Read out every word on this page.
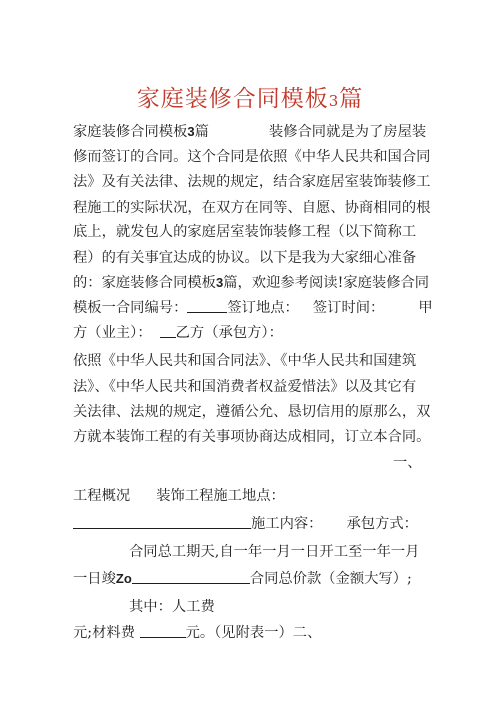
家庭装修合同模板3篇
家庭装修合同模板3篇	装修合同就是为了房屋装
修而签订的合同。这个合同是依照《中华人民共和国合同
法》及有关法律、法规的规定，结合家庭居室装饰装修工
程施工的实际状况，在双方在同等、自愿、协商相同的根
底上，就发包人的家庭居室装饰装修工程（以下简称工
程）的有关事宜达成的协议。以下是我为大家细心准备
的：家庭装修合同模板3篇，欢迎参考阅读!家庭装修合同
模板一合同编号：	签订地点： 签订时间： 甲
方（业主）： 乙方（承包方）：
依照《中华人民共和国合同法》、《中华人民共和国建筑
法》、《中华人民共和国消费者权益爱惜法》以及其它有
关法律、法规的规定，遵循公允、恳切信用的原那么，双
方就本装饰工程的有关事项协商达成相同，订立本合同。
一、
工程概况 装饰工程施工地点：
施工内容： 承包方式：
合同总工期天,自一年一月一日开工至一年一月
一日竣Zo	合同总价款（金额大写）;
其中：人工费
元;材料费	元。（见附表一）二、
